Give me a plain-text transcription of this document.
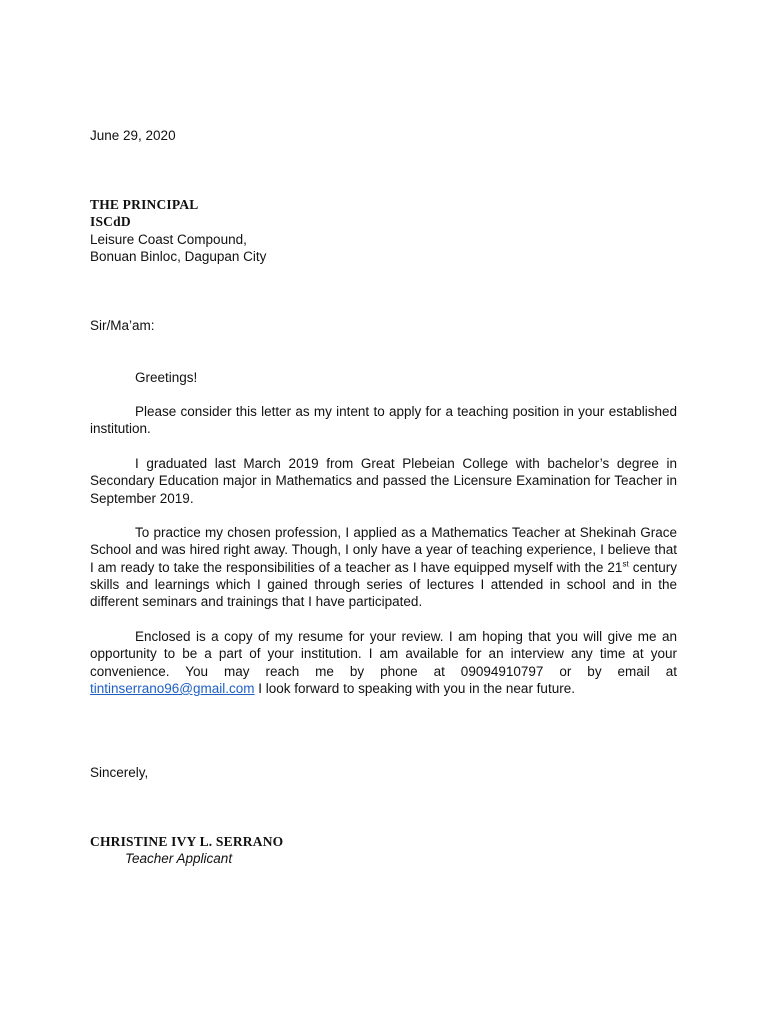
June 29, 2020
THE PRINCIPAL
ISCdD
Leisure Coast Compound,
Bonuan Binloc, Dagupan City
Sir/Ma’am:
Greetings!
Please consider this letter as my intent to apply for a teaching position in your established institution.
I graduated last March 2019 from Great Plebeian College with bachelor’s degree in Secondary Education major in Mathematics and passed the Licensure Examination for Teacher in September 2019.
To practice my chosen profession, I applied as a Mathematics Teacher at Shekinah Grace School and was hired right away. Though, I only have a year of teaching experience, I believe that I am ready to take the responsibilities of a teacher as I have equipped myself with the 21st century skills and learnings which I gained through series of lectures I attended in school and in the different seminars and trainings that I have participated.
Enclosed is a copy of my resume for your review. I am hoping that you will give me an opportunity to be a part of your institution. I am available for an interview any time at your convenience. You may reach me by phone at 09094910797 or by email at tintinserrano96@gmail.com I look forward to speaking with you in the near future.
Sincerely,
CHRISTINE IVY L. SERRANO
Teacher Applicant
